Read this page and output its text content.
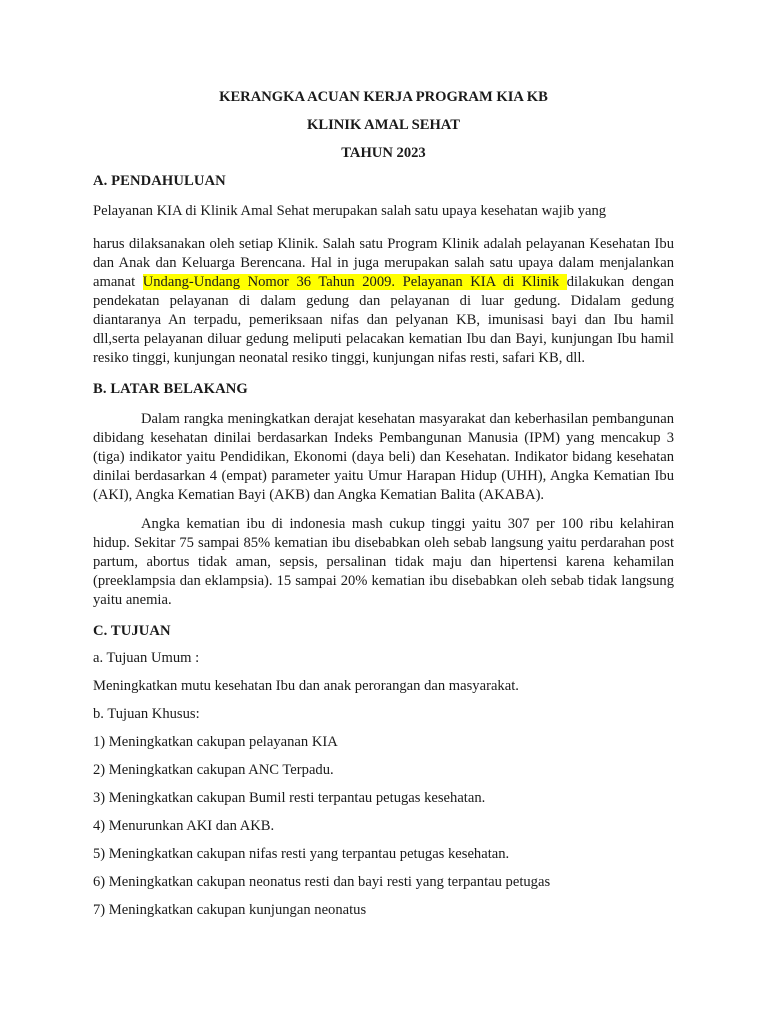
KERANGKA ACUAN KERJA PROGRAM KIA KB
KLINIK AMAL SEHAT
TAHUN 2023
A. PENDAHULUAN

Pelayanan KIA di Klinik Amal Sehat merupakan salah satu upaya kesehatan wajib yang

harus dilaksanakan oleh setiap Klinik. Salah satu Program Klinik adalah pelayanan Kesehatan Ibu dan Anak dan Keluarga Berencana. Hal in juga merupakan salah satu upaya dalam menjalankan amanat Undang-Undang Nomor 36 Tahun 2009. Pelayanan KIA di Klinik dilakukan dengan pendekatan pelayanan di dalam gedung dan pelayanan di luar gedung. Didalam gedung diantaranya An terpadu, pemeriksaan nifas dan pelyanan KB, imunisasi bayi dan Ibu hamil dll,serta pelayanan diluar gedung meliputi pelacakan kematian Ibu dan Bayi, kunjungan Ibu hamil resiko tinggi, kunjungan neonatal resiko tinggi, kunjungan nifas resti, safari KB, dll.

B. LATAR BELAKANG

Dalam rangka meningkatkan derajat kesehatan masyarakat dan keberhasilan pembangunan dibidang kesehatan dinilai berdasarkan Indeks Pembangunan Manusia (IPM) yang mencakup 3 (tiga) indikator yaitu Pendidikan, Ekonomi (daya beli) dan Kesehatan. Indikator bidang kesehatan dinilai berdasarkan 4 (empat) parameter yaitu Umur Harapan Hidup (UHH), Angka Kematian Ibu (AKI), Angka Kematian Bayi (AKB) dan Angka Kematian Balita (AKABA).

Angka kematian ibu di indonesia mash cukup tinggi yaitu 307 per 100 ribu kelahiran hidup. Sekitar 75 sampai 85% kematian ibu disebabkan oleh sebab langsung yaitu perdarahan post partum, abortus tidak aman, sepsis, persalinan tidak maju dan hipertensi karena kehamilan (preeklampsia dan eklampsia). 15 sampai 20% kematian ibu disebabkan oleh sebab tidak langsung yaitu anemia.

C. TUJUAN

a. Tujuan Umum :

Meningkatkan mutu kesehatan Ibu dan anak perorangan dan masyarakat.

b. Tujuan Khusus:

1) Meningkatkan cakupan pelayanan KIA

2) Meningkatkan cakupan ANC Terpadu.

3) Meningkatkan cakupan Bumil resti terpantau petugas kesehatan.

4) Menurunkan AKI dan AKB.

5) Meningkatkan cakupan nifas resti yang terpantau petugas kesehatan.

6) Meningkatkan cakupan neonatus resti dan bayi resti yang terpantau petugas

7) Meningkatkan cakupan kunjungan neonatus
